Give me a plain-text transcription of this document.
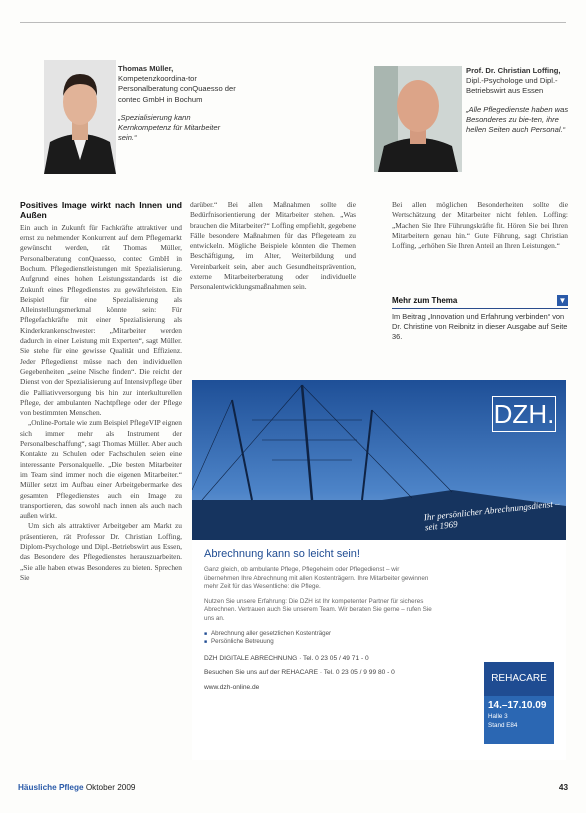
Thomas Müller,
Kompetenzkoordina-tor Personalberatung conQuaesso der contec GmbH in Bochum
„Spezialisierung kann Kernkompetenz für Mitarbeiter sein.“
Prof. Dr. Christian Loffing,
Dipl.-Psychologe und Dipl.-Betriebswirt aus Essen
„Alle Pflegedienste haben was Besonderes zu bie-ten, ihre hellen Seiten auch Personal.“
Positives Image wirkt nach Innen und Außen

Ein auch in Zukunft für Fachkräfte attraktiver und ernst zu nehmender Konkurrent auf dem Pflegemarkt gewünscht werden, rät Thomas Müller, Personalberatung conQuaesso, contec GmbH in Bochum. Pflegedienstleistungen mit Spezialisierung. Aufgrund eines hohen Leistungsstandards ist die Zukunft eines Pflegedienstes zu gewährleisten. Ein Beispiel für eine Spezialisierung als Alleinstellungsmerkmal könnte sein: Für Pflegefachkräfte mit einer Spezialisierung als Kinderkrankenschwester: „Mitarbeiter werden dadurch in einer Leistung mit Experten“, sagt Müller. Sie stehe für eine gewisse Qualität und Effizienz. Jeder Pflegedienst müsse nach den individuellen Gegebenheiten „seine Nische finden“. Die reicht der Dienst von der Spezialisierung auf Intensivpflege über die Palliativversorgung bis hin zur interkulturellen Pflege, der ambulanten Nachtpflege oder der Pflege von bestimmten Menschen.

„Online-Portale wie zum Beispiel PflegeVIP eignen sich immer mehr als Instrument der Personalbeschaffung“, sagt Thomas Müller. Aber auch Kontakte zu Schulen oder Fachschulen seien eine interessante Personalquelle. „Die besten Mitarbeiter im Team sind immer noch die eigenen Mitarbeiter.“ Müller setzt im Aufbau einer Arbeitgebermarke des gesamten Pflegedienstes auch ein Image zu transportieren, das sowohl nach innen als auch nach außen wirkt.

Um sich als attraktiver Arbeitgeber am Markt zu präsentieren, rät Professor Dr. Christian Loffing, Diplom-Psychologe und Dipl.-Betriebswirt aus Essen, das Besondere des Pflegedienstes herauszuarbeiten. „Sie alle haben etwas Besonderes zu bieten. Sprechen Sie

darüber.“ Bei allen Maßnahmen sollte die Bedürfnisorientierung der Mitarbeiter stehen. „Was brauchen die Mitarbeiter?“ Loffing empfiehlt, gegebene Fälle besondere Maßnahmen für das Pflegeteam zu entwickeln. Mögliche Beispiele könnten die Themen Beschäftigung, im Alter, Weiterbildung und Vereinbarkeit sein, aber auch Gesundheitsprävention, externe Mitarbeiterberatung oder individuelle Personalentwicklungsmaßnahmen sein.

Bei allen möglichen Besonderheiten sollte die Wertschätzung der Mitarbeiter nicht fehlen. Loffing: „Machen Sie Ihre Führungskräfte fit. Hören Sie bei Ihren Mitarbeitern genau hin.“ Gute Führung, sagt Christian Loffing, „erhöhen Sie Ihren Anteil an Ihren Leistungen.“

Mehr zum Thema	▼
Im Beitrag „Innovation und Erfahrung verbinden“ von Dr. Christine von Reibnitz in dieser Ausgabe auf Seite 36.
DZH.
Ihr persönlicher Abrechnungsdienst – seit 1969
Abrechnung kann so leicht sein!
Ganz gleich, ob ambulante Pflege, Pflegeheim oder Pflegedienst – wir übernehmen Ihre Abrechnung mit allen Kostenträgern. Ihre Mitarbeiter gewinnen mehr Zeit für das Wesentliche: die Pflege.
Nutzen Sie unsere Erfahrung: Die DZH ist Ihr kompetenter Partner für sicheres Abrechnen. Vertrauen auch Sie unserem Team. Wir beraten Sie gerne – rufen Sie uns an.
■ Abrechnung aller gesetzlichen Kostenträger
■ Persönliche Betreuung
DZH DIGITALE ABRECHNUNG · Tel. 0 23 05 / 49 71 - 0
Besuchen Sie uns auf der REHACARE · Tel. 0 23 05 / 9 99 80 - 0
www.dzh-online.de
REHACARE
14.–17.10.09
Halle 3
Stand E84
Häusliche Pflege Oktober 2009	43
